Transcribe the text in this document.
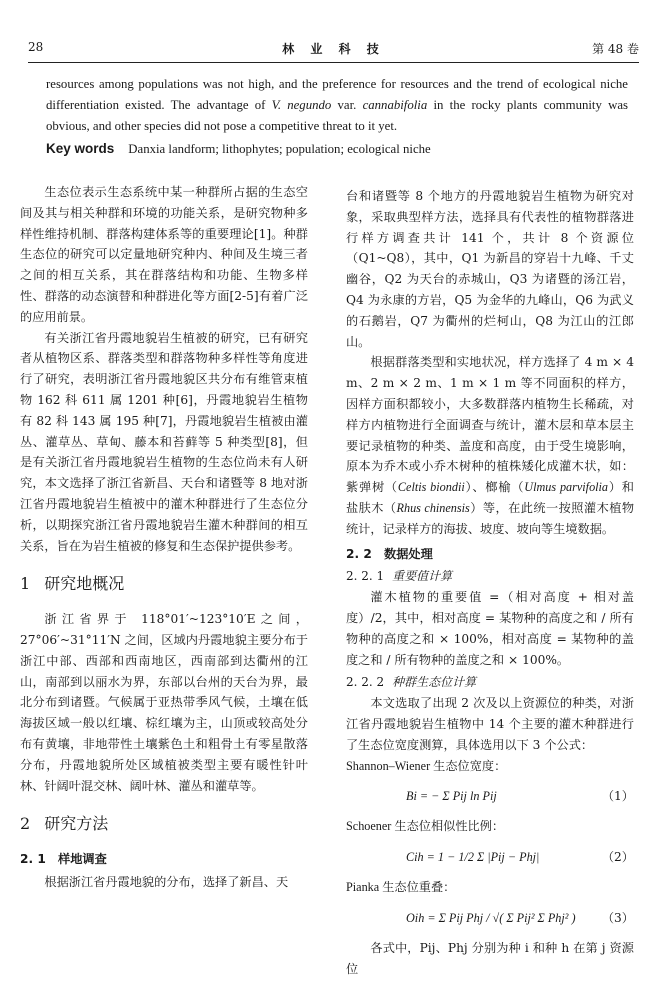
28	林 业 科 技	第 48 卷

resources among populations was not high, and the preference for resources and the trend of ecological niche differentiation existed. The advantage of V. negundo var. cannabifolia in the rocky plants community was obvious, and other species did not pose a competitive threat to it yet.

Key words Danxia landform; lithophytes; population; ecological niche

生态位表示生态系统中某一种群所占据的生态空间及其与相关种群和环境的功能关系，是研究物种多样性维持机制、群落构建体系等的重要理论[1]。种群生态位的研究可以定量地研究种内、种间及生境三者之间的相互关系，其在群落结构和功能、生物多样性、群落的动态演替和种群进化等方面[2-5]有着广泛的应用前景。

有关浙江省丹霞地貌岩生植被的研究，已有研究者从植物区系、群落类型和群落物种多样性等角度进行了研究，表明浙江省丹霞地貌区共分布有维管束植物 162 科 611 属 1201 种[6]，丹霞地貌岩生植物有 82 科 143 属 195 种[7]，丹霞地貌岩生植被由灌丛、灌草丛、草甸、藤本和苔藓等 5 种类型[8]，但是有关浙江省丹霞地貌岩生植物的生态位尚未有人研究，本文选择了浙江省新昌、天台和诸暨等 8 地对浙江省丹霞地貌岩生植被中的灌木种群进行了生态位分析，以期探究浙江省丹霞地貌岩生灌木种群间的相互关系，旨在为岩生植被的修复和生态保护提供参考。

1 研究地概况

浙江省界于 118°01′~123°10′E之间，27°06′~31°11′N 之间，区域内丹霞地貌主要分布于浙江中部、西部和西南地区，西南部到达衢州的江山，南部到以丽水为界，东部以台州的天台为界，最北分布到诸暨。气候属于亚热带季风气候，土壤在低海拔区域一般以红壤、棕红壤为主，山顶或较高处分布有黄壤，非地带性土壤紫色土和粗骨土有零星散落分布，丹霞地貌所处区域植被类型主要有暖性针叶林、针阔叶混交林、阔叶林、灌丛和灌草等。

2 研究方法
2. 1　样地调查

根据浙江省丹霞地貌的分布，选择了新昌、天

台和诸暨等 8 个地方的丹霞地貌岩生植物为研究对象，采取典型样方法，选择具有代表性的植物群落进行样方调查共计 141 个，共计 8 个资源位（Q1~Q8），其中，Q1 为新昌的穿岩十九峰、千丈幽谷，Q2 为天台的赤城山，Q3 为诸暨的汤江岩，Q4 为永康的方岩，Q5 为金华的九峰山，Q6 为武义的石鹅岩，Q7 为衢州的烂柯山，Q8 为江山的江郎山。

根据群落类型和实地状况，样方选择了 4 m × 4 m、2 m × 2 m、1 m × 1 m 等不同面积的样方，因样方面积都较小，大多数群落内植物生长稀疏，对样方内植物进行全面调查与统计，灌木层和草本层主要记录植物的种类、盖度和高度，由于受生境影响，原本为乔木或小乔木树种的植株矮化成灌木状，如：紫弹树（Celtis biondii）、榔榆（Ulmus parvifolia）和盐肤木（Rhus chinensis）等，在此统一按照灌木植物统计，记录样方的海拔、坡度、坡向等生境数据。

2. 2　数据处理
2. 2. 1 重要值计算

灌木植物的重要值 =（相对高度 + 相对盖度）/2，其中，相对高度 = 某物种的高度之和 / 所有物种的高度之和 × 100%，相对高度 = 某物种的盖度之和 / 所有物种的盖度之和 × 100%。

2. 2. 2 种群生态位计算

本文选取了出现 2 次及以上资源位的种类，对浙江省丹霞地貌岩生植物中 14 个主要的灌木种群进行了生态位宽度测算，具体选用以下 3 个公式：

Shannon–Wiener 生态位宽度：

Bi = − Σ Pij ln Pij	（1）

Schoener 生态位相似性比例：

Cih = 1 − 1/2 Σ |Pij − Phj|	（2）

Pianka 生态位重叠：

Oih = Σ Pij Phj / √( Σ Pij² Σ Phj² ) （3）

各式中，Pij、Phj 分别为种 i 和种 h 在第 j 资源位
